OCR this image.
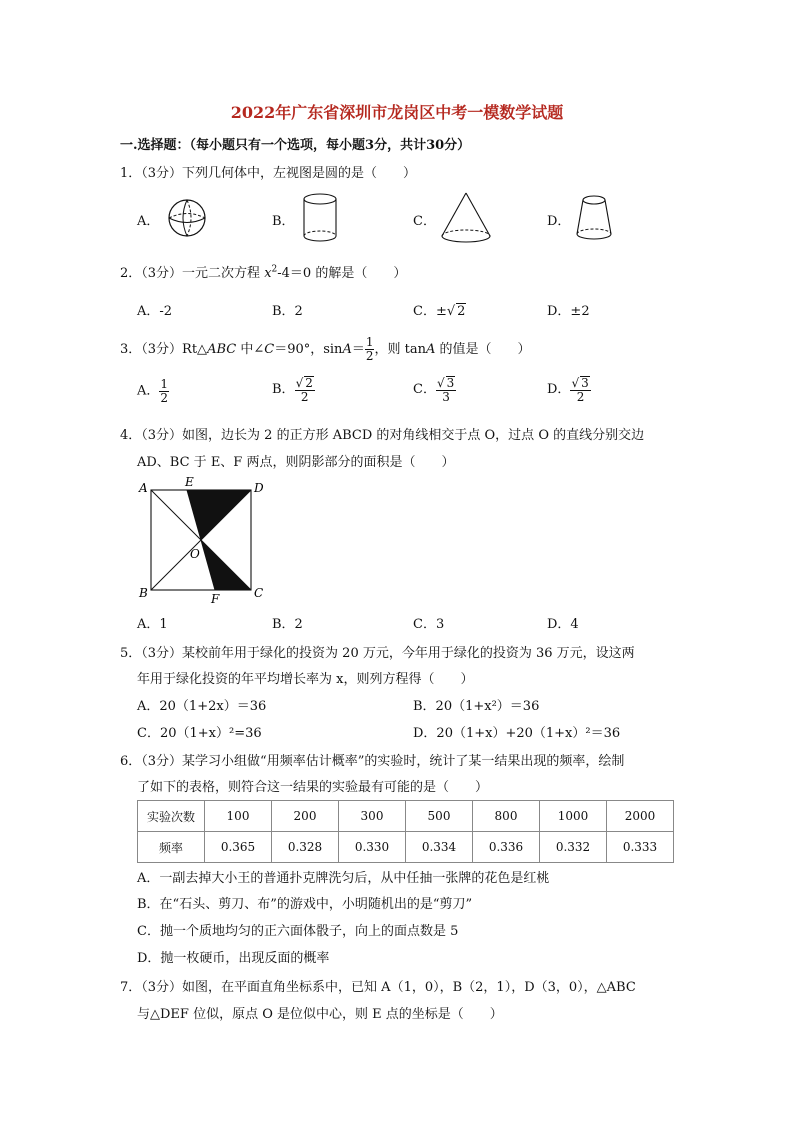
2022年广东省深圳市龙岗区中考一模数学试题
一.选择题：（每小题只有一个选项，每小题3分，共计30分）
1．（3分）下列几何体中，左视图是圆的是（　　）
A．	B．	C．	D．
2．（3分）一元二次方程 $x^2-4=0$ 的解是（　　）
A．-2	B．2	C．±√ 2	D．±2
3．（3分）Rt△ABC 中∠C＝90°，$\sin A= \frac{1}{2}$ ，则 tanA 的值是（　　）
A． $\frac{1}{2}$	B． $\frac{√ 2}{2}$	C． $\frac{√ 3}{3}$	D． $\frac{√ 3}{2}$
4．（3分）如图，边长为 2 的正方形 ABCD 的对角线相交于点 O，过点 O 的直线分别交边
AD、BC 于 E、F 两点，则阴影部分的面积是（　　）
A	E	D
O
B	F	C
A．1	B．2	C．3	D．4
5．（3分）某校前年用于绿化的投资为 20 万元，今年用于绿化的投资为 36 万元，设这两
年用于绿化投资的年平均增长率为 x，则列方程得（　　）
A．20（1+2x）＝36	B．20（1+x²）＝36
C．20（1+x）²=36	D．20（1+x）+20（1+x）²＝36
6．（3分）某学习小组做“用频率估计概率”的实验时，统计了某一结果出现的频率，绘制
了如下的表格，则符合这一结果的实验最有可能的是（　　）
实验次数	100	200	300	500	800	1000	2000
频率	0.365	0.328	0.330	0.334	0.336	0.332	0.333
A．一副去掉大小王的普通扑克牌洗匀后，从中任抽一张牌的花色是红桃
B．在“石头、剪刀、布”的游戏中，小明随机出的是“剪刀”
C．抛一个质地均匀的正六面体骰子，向上的面点数是 5
D．抛一枚硬币，出现反面的概率
7．（3分）如图，在平面直角坐标系中，已知 A（1，0），B（2，1），D（3，0），△ABC
与△DEF 位似，原点 O 是位似中心，则 E 点的坐标是（　　）
